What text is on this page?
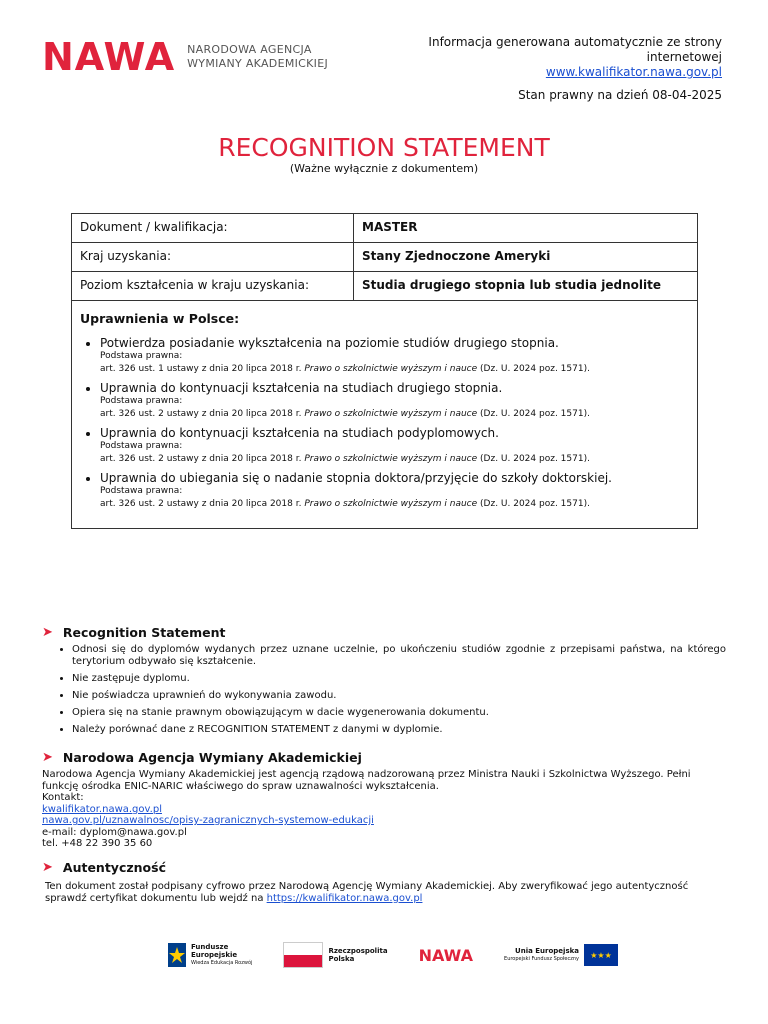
NAWA NARODOWA AGENCJA
WYMIANY AKADEMICKIEJ
Informacja generowana automatycznie ze strony internetowej
www.kwalifikator.nawa.gov.pl
Stan prawny na dzień 08-04-2025
RECOGNITION STATEMENT
(Ważne wyłącznie z dokumentem)
Dokument / kwalifikacja:	MASTER
Kraj uzyskania:	Stany Zjednoczone Ameryki
Poziom kształcenia w kraju uzyskania:	Studia drugiego stopnia lub studia jednolite
Uprawnienia w Polsce:
• Potwierdza posiadanie wykształcenia na poziomie studiów drugiego stopnia.
Podstawa prawna:
art. 326 ust. 1 ustawy z dnia 20 lipca 2018 r. Prawo o szkolnictwie wyższym i nauce (Dz. U. 2024 poz. 1571).
• Uprawnia do kontynuacji kształcenia na studiach drugiego stopnia.
Podstawa prawna:
art. 326 ust. 2 ustawy z dnia 20 lipca 2018 r. Prawo o szkolnictwie wyższym i nauce (Dz. U. 2024 poz. 1571).
• Uprawnia do kontynuacji kształcenia na studiach podyplomowych.
Podstawa prawna:
art. 326 ust. 2 ustawy z dnia 20 lipca 2018 r. Prawo o szkolnictwie wyższym i nauce (Dz. U. 2024 poz. 1571).
• Uprawnia do ubiegania się o nadanie stopnia doktora/przyjęcie do szkoły doktorskiej.
Podstawa prawna:
art. 326 ust. 2 ustawy z dnia 20 lipca 2018 r. Prawo o szkolnictwie wyższym i nauce (Dz. U. 2024 poz. 1571).
➤ Recognition Statement
• Odnosi się do dyplomów wydanych przez uznane uczelnie, po ukończeniu studiów zgodnie z przepisami państwa, na którego terytorium odbywało się kształcenie.
• Nie zastępuje dyplomu.
• Nie poświadcza uprawnień do wykonywania zawodu.
• Opiera się na stanie prawnym obowiązującym w dacie wygenerowania dokumentu.
• Należy porównać dane z RECOGNITION STATEMENT z danymi w dyplomie.
➤ Narodowa Agencja Wymiany Akademickiej
Narodowa Agencja Wymiany Akademickiej jest agencją rządową nadzorowaną przez Ministra Nauki i Szkolnictwa Wyższego. Pełni funkcję ośrodka ENIC-NARIC właściwego do spraw uznawalności wykształcenia.
Kontakt:
kwalifikator.nawa.gov.pl
nawa.gov.pl/uznawalnosc/opisy-zagranicznych-systemow-edukacji
e-mail: dyplom@nawa.gov.pl
tel. +48 22 390 35 60
➤ Autentyczność
Ten dokument został podpisany cyfrowo przez Narodową Agencję Wymiany Akademickiej. Aby zweryfikować jego autentyczność sprawdź certyfikat dokumentu lub wejdź na https://kwalifikator.nawa.gov.pl
Fundusze
Europejskie
Wiedza Edukacja Rozwój
Rzeczpospolita
Polska	NAWA	Unia Europejska
Europejski Fundusz Społeczny	★★★
